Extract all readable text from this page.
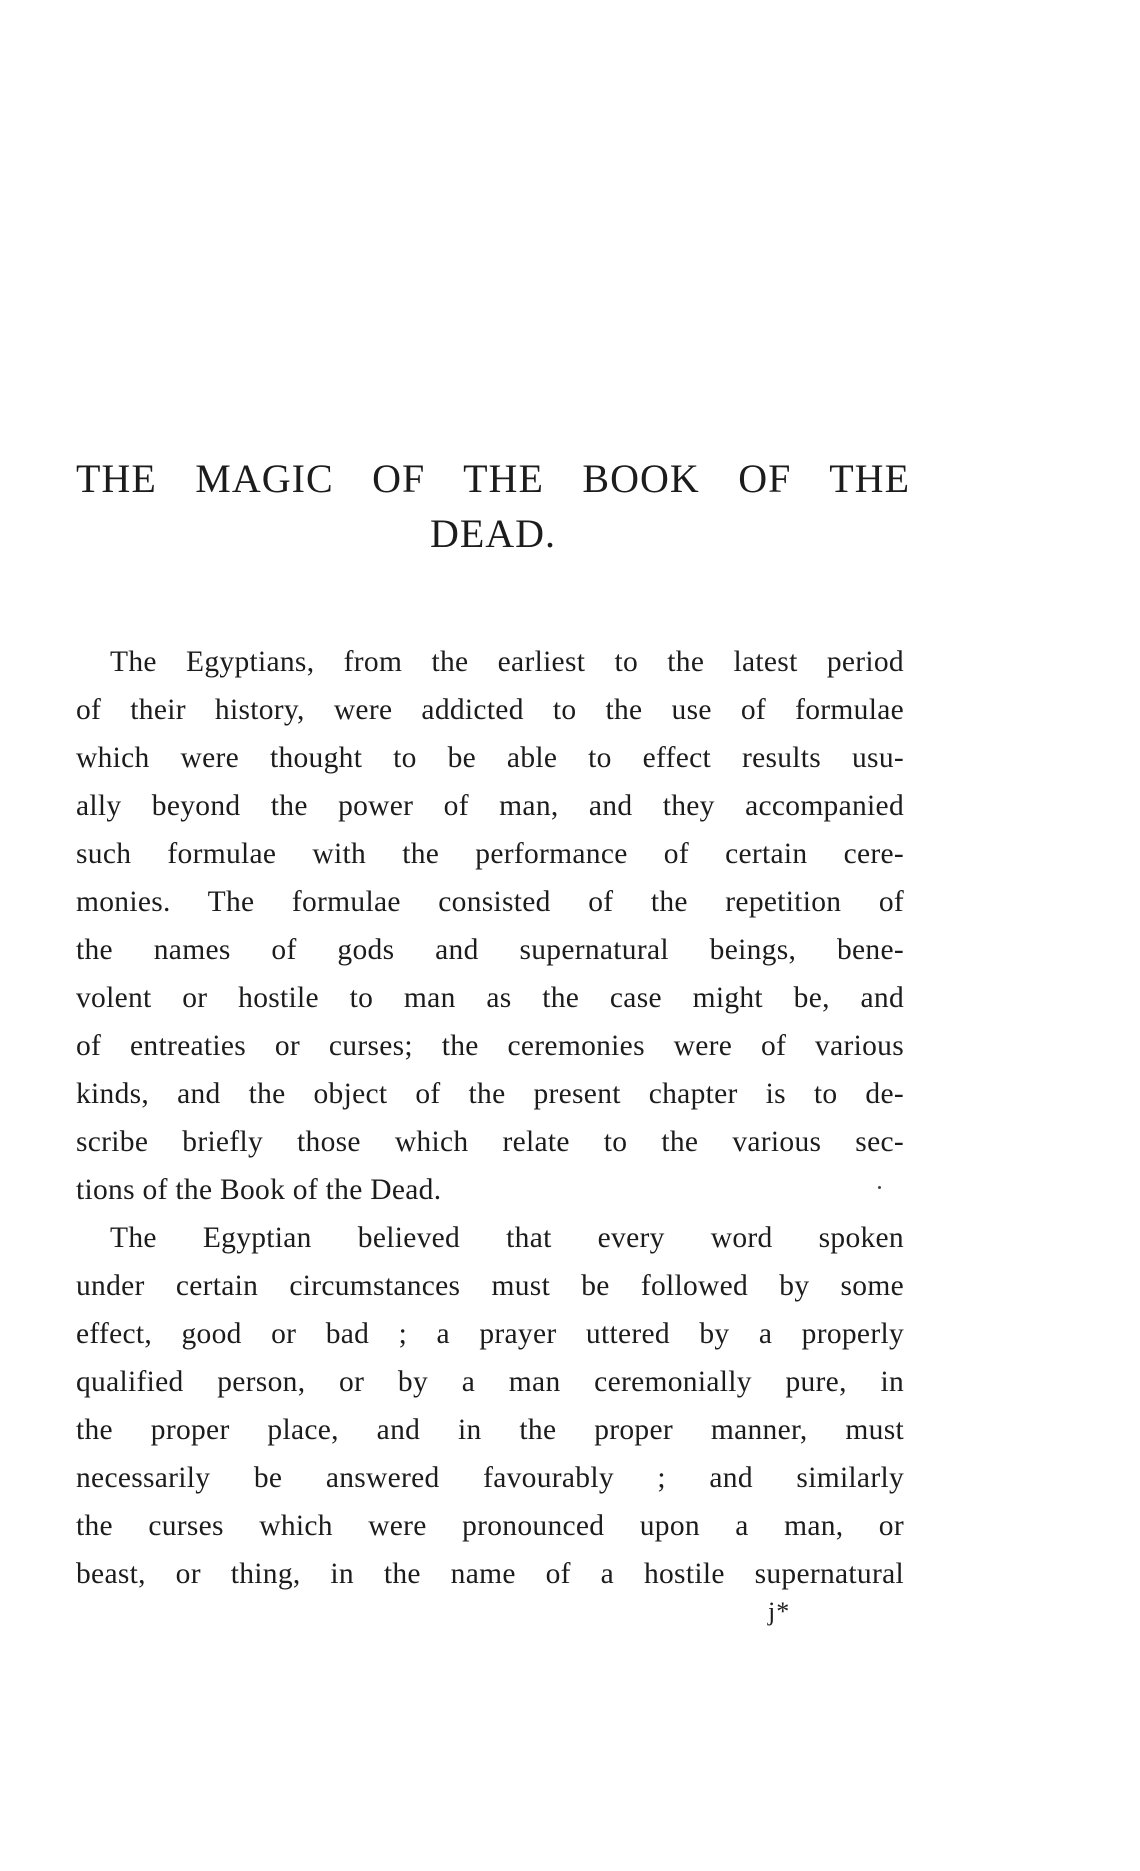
THE MAGIC OF THE BOOK OF THE
DEAD.
The Egyptians, from the earliest to the latest period
of their history, were addicted to the use of formulae
which were thought to be able to effect results usu-
ally beyond the power of man, and they accompanied
such formulae with the performance of certain cere-
monies. The formulae consisted of the repetition of
the names of gods and supernatural beings, bene-
volent or hostile to man as the case might be, and
of entreaties or curses; the ceremonies were of various
kinds, and the object of the present chapter is to de-
scribe briefly those which relate to the various sec-
tions of the Book of the Dead.
The Egyptian believed that every word spoken
under certain circumstances must be followed by some
effect, good or bad ; a prayer uttered by a properly
qualified person, or by a man ceremonially pure, in
the proper place, and in the proper manner, must
necessarily be answered favourably ; and similarly
the curses which were pronounced upon a man, or
beast, or thing, in the name of a hostile supernatural
j*
